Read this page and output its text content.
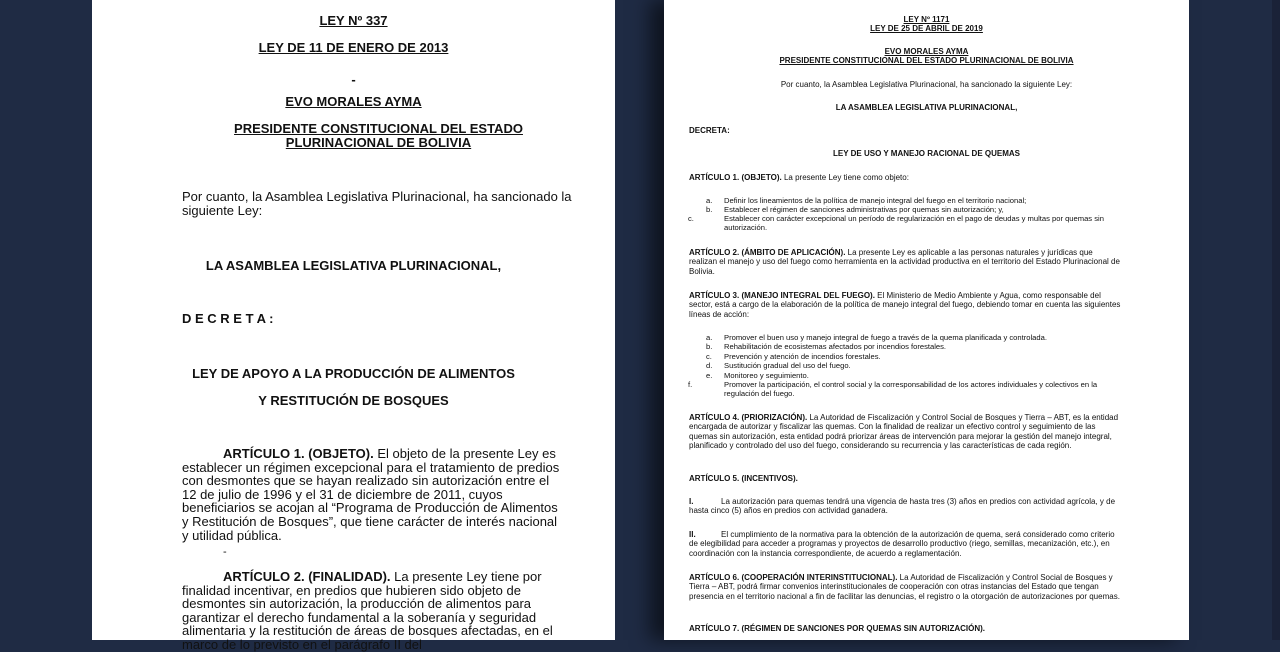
LEY Nº 337
LEY DE 11 DE ENERO DE 2013
-
EVO MORALES AYMA
PRESIDENTE CONSTITUCIONAL DEL ESTADO PLURINACIONAL DE BOLIVIA
Por cuanto, la Asamblea Legislativa Plurinacional, ha sancionado la siguiente Ley:
LA ASAMBLEA LEGISLATIVA PLURINACIONAL,
D E C R E T A :
LEY DE APOYO A LA PRODUCCIÓN DE ALIMENTOS
Y RESTITUCIÓN DE BOSQUES
ARTÍCULO 1. (OBJETO). El objeto de la presente Ley es establecer un régimen excepcional para el tratamiento de predios con desmontes que se hayan realizado sin autorización entre el 12 de julio de 1996 y el 31 de diciembre de 2011, cuyos beneficiarios se acojan al “Programa de Producción de Alimentos y Restitución de Bosques”, que tiene carácter de interés nacional y utilidad pública.
-
ARTÍCULO 2. (FINALIDAD). La presente Ley tiene por finalidad incentivar, en predios que hubieren sido objeto de desmontes sin autorización, la producción de alimentos para garantizar el derecho fundamental a la soberanía y seguridad alimentaria y la restitución de áreas de bosques afectadas, en el marco de lo previsto en el parágrafo II del
LEY Nº 1171
LEY DE 25 DE ABRIL DE 2019
EVO MORALES AYMA
PRESIDENTE CONSTITUCIONAL DEL ESTADO PLURINACIONAL DE BOLIVIA
Por cuanto, la Asamblea Legislativa Plurinacional, ha sancionado la siguiente Ley:
LA ASAMBLEA LEGISLATIVA PLURINACIONAL,
DECRETA:
LEY DE USO Y MANEJO RACIONAL DE QUEMAS
ARTÍCULO 1. (OBJETO). La presente Ley tiene como objeto:
a. Definir los lineamientos de la política de manejo integral del fuego en el territorio nacional;
b. Establecer el régimen de sanciones administrativas por quemas sin autorización; y,
c.	Establecer con carácter excepcional un período de regularización en el pago de deudas y multas por quemas sin autorización.
ARTÍCULO 2. (ÁMBITO DE APLICACIÓN). La presente Ley es aplicable a las personas naturales y jurídicas que realizan el manejo y uso del fuego como herramienta en la actividad productiva en el territorio del Estado Plurinacional de Bolivia.
ARTÍCULO 3. (MANEJO INTEGRAL DEL FUEGO). El Ministerio de Medio Ambiente y Agua, como responsable del sector, está a cargo de la elaboración de la política de manejo integral del fuego, debiendo tomar en cuenta las siguientes líneas de acción:
a. Promover el buen uso y manejo integral de fuego a través de la quema planificada y controlada.
b. Rehabilitación de ecosistemas afectados por incendios forestales.
c. Prevención y atención de incendios forestales.
d. Sustitución gradual del uso del fuego.
e. Monitoreo y seguimiento.
f.	Promover la participación, el control social y la corresponsabilidad de los actores individuales y colectivos en la regulación del fuego.
ARTÍCULO 4. (PRIORIZACIÓN). La Autoridad de Fiscalización y Control Social de Bosques y Tierra – ABT, es la entidad encargada de autorizar y fiscalizar las quemas. Con la finalidad de realizar un efectivo control y seguimiento de las quemas sin autorización, esta entidad podrá priorizar áreas de intervención para mejorar la gestión del manejo integral, planificado y controlado del uso del fuego, considerando su recurrencia y las características de cada región.
ARTÍCULO 5. (INCENTIVOS).
I.	La autorización para quemas tendrá una vigencia de hasta tres (3) años en predios con actividad agrícola, y de hasta cinco (5) años en predios con actividad ganadera.
II.	El cumplimiento de la normativa para la obtención de la autorización de quema, será considerado como criterio de elegibilidad para acceder a programas y proyectos de desarrollo productivo (riego, semillas, mecanización, etc.), en coordinación con la instancia correspondiente, de acuerdo a reglamentación.
ARTÍCULO 6. (COOPERACIÓN INTERINSTITUCIONAL). La Autoridad de Fiscalización y Control Social de Bosques y Tierra – ABT, podrá firmar convenios interinstitucionales de cooperación con otras instancias del Estado que tengan presencia en el territorio nacional a fin de facilitar las denuncias, el registro o la otorgación de autorizaciones por quemas.
ARTÍCULO 7. (RÉGIMEN DE SANCIONES POR QUEMAS SIN AUTORIZACIÓN).
